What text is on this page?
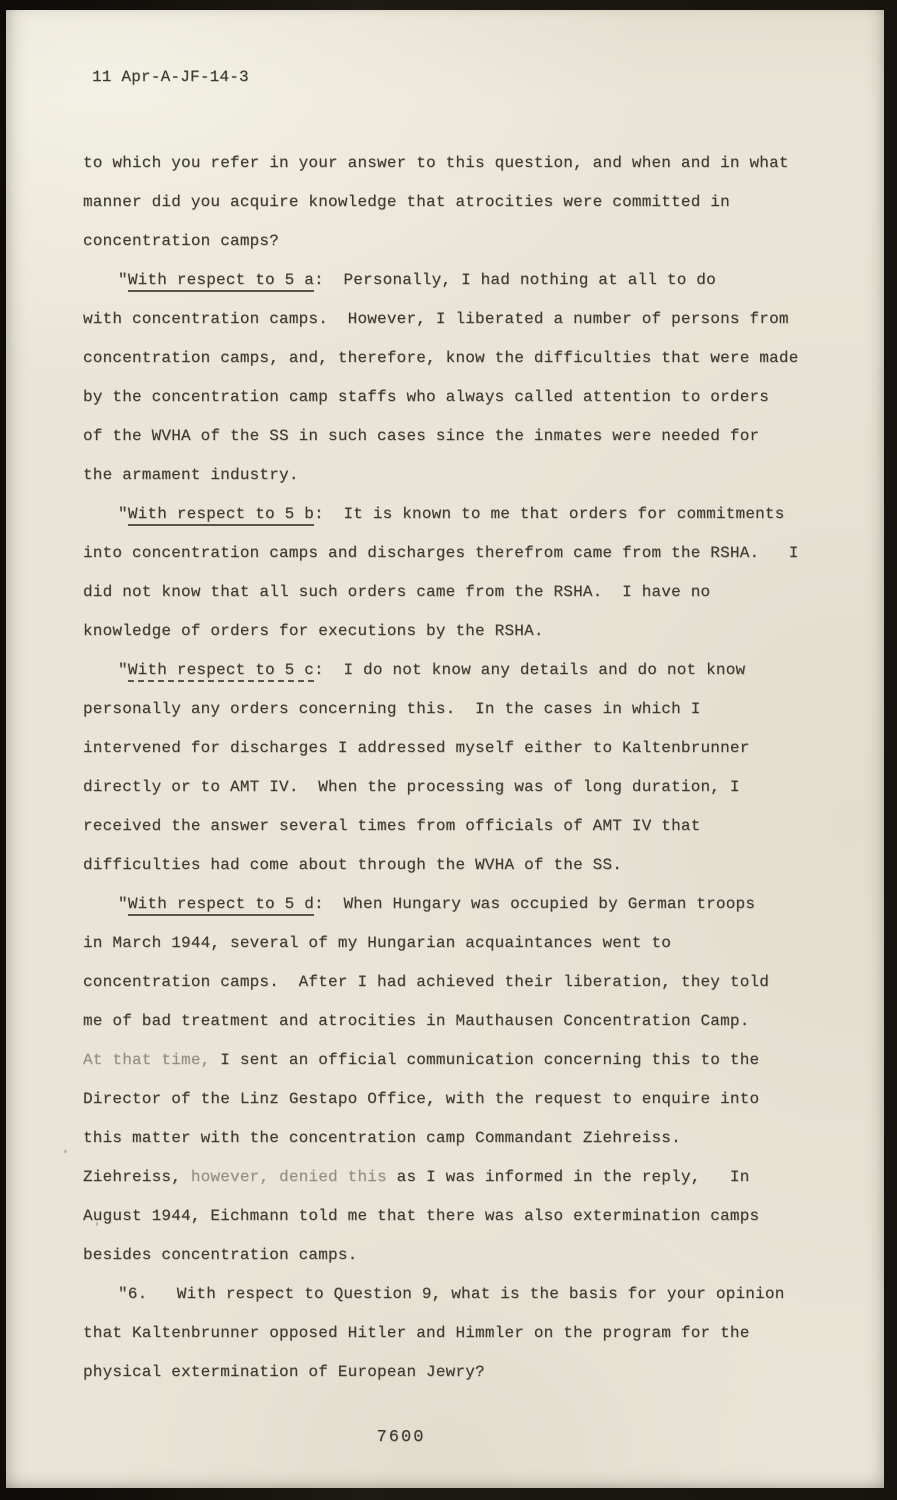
11 Apr-A-JF-14-3
to which you refer in your answer to this question, and when and in what
manner did you acquire knowledge that atrocities were committed in
concentration camps?
"With respect to 5 a:  Personally, I had nothing at all to do
with concentration camps.  However, I liberated a number of persons from
concentration camps, and, therefore, know the difficulties that were made
by the concentration camp staffs who always called attention to orders
of the WVHA of the SS in such cases since the inmates were needed for
the armament industry.
"With respect to 5 b:  It is known to me that orders for commitments
into concentration camps and discharges therefrom came from the RSHA.   I
did not know that all such orders came from the RSHA.  I have no
knowledge of orders for executions by the RSHA.
"With respect to 5 c:  I do not know any details and do not know
personally any orders concerning this.  In the cases in which I
intervened for discharges I addressed myself either to Kaltenbrunner
directly or to AMT IV.  When the processing was of long duration, I
received the answer several times from officials of AMT IV that
difficulties had come about through the WVHA of the SS.
"With respect to 5 d:  When Hungary was occupied by German troops
in March 1944, several of my Hungarian acquaintances went to
concentration camps.  After I had achieved their liberation, they told
me of bad treatment and atrocities in Mauthausen Concentration Camp.
At that time, I sent an official communication concerning this to the
Director of the Linz Gestapo Office, with the request to enquire into
this matter with the concentration camp Commandant Ziehreiss.
Ziehreiss, however, denied this as I was informed in the reply,   In
August 1944, Eichmann told me that there was also extermination camps
besides concentration camps.
"6.   With respect to Question 9, what is the basis for your opinion
that Kaltenbrunner opposed Hitler and Himmler on the program for the
physical extermination of European Jewry?
7600
